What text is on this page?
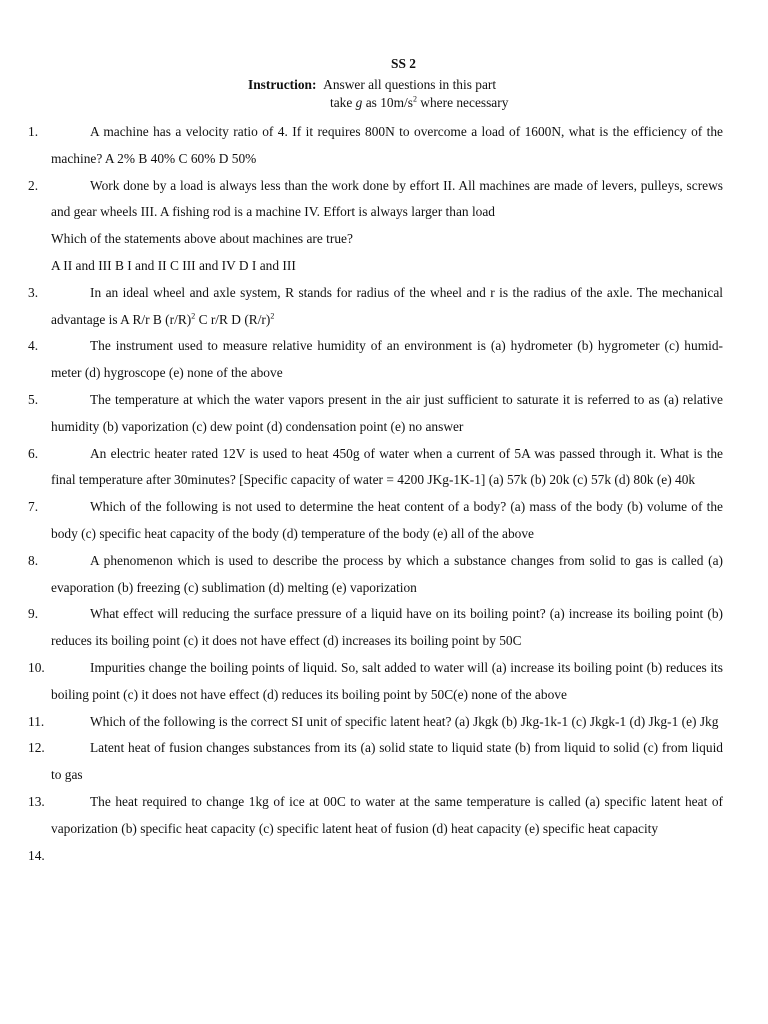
SS 2
Instruction: Answer all questions in this part
take g as $10m/s^2$ where necessary
1.	A machine has a velocity ratio of 4. If it requires 800N to overcome a load of 1600N, what is the efficiency of the machine? A 2% B 40% C 60% D 50%
2.	Work done by a load is always less than the work done by effort II. All machines are made of levers, pulleys, screws and gear wheels III. A fishing rod is a machine IV. Effort is always larger than load
Which of the statements above about machines are true?
A II and III B I and II C III and IV D I and III
3.	In an ideal wheel and axle system, R stands for radius of the wheel and r is the radius of the axle. The mechanical advantage is A R/r B $(r/R)^2$ C r/R D $(R/r)^2$
4.	The instrument used to measure relative humidity of an environment is (a) hydrometer (b) hygrometer (c) humid-meter (d) hygroscope (e) none of the above
5.	The temperature at which the water vapors present in the air just sufficient to saturate it is referred to as (a) relative humidity (b) vaporization (c) dew point (d) condensation point (e) no answer
6.	An electric heater rated 12V is used to heat 450g of water when a current of 5A was passed through it. What is the final temperature after 30minutes? [Specific capacity of water = 4200 JKg-1K-1] (a) 57k (b) 20k (c) 57k (d) 80k (e) 40k
7.	Which of the following is not used to determine the heat content of a body? (a) mass of the body (b) volume of the body (c) specific heat capacity of the body (d) temperature of the body (e) all of the above
8.	A phenomenon which is used to describe the process by which a substance changes from solid to gas is called (a) evaporation (b) freezing (c) sublimation (d) melting (e) vaporization
9.	What effect will reducing the surface pressure of a liquid have on its boiling point? (a) increase its boiling point (b) reduces its boiling point (c) it does not have effect (d) increases its boiling point by 50C
10.	Impurities change the boiling points of liquid. So, salt added to water will (a) increase its boiling point (b) reduces its boiling point (c) it does not have effect (d) reduces its boiling point by 50C(e) none of the above
11.	Which of the following is the correct SI unit of specific latent heat? (a) Jkgk (b) Jkg-1k-1 (c) Jkgk-1 (d) Jkg-1 (e) Jkg
12.	Latent heat of fusion changes substances from its (a) solid state to liquid state (b) from liquid to solid (c) from liquid to gas
13.	The heat required to change 1kg of ice at 00C to water at the same temperature is called (a) specific latent heat of vaporization (b) specific heat capacity (c) specific latent heat of fusion (d) heat capacity (e) specific heat capacity
14.
